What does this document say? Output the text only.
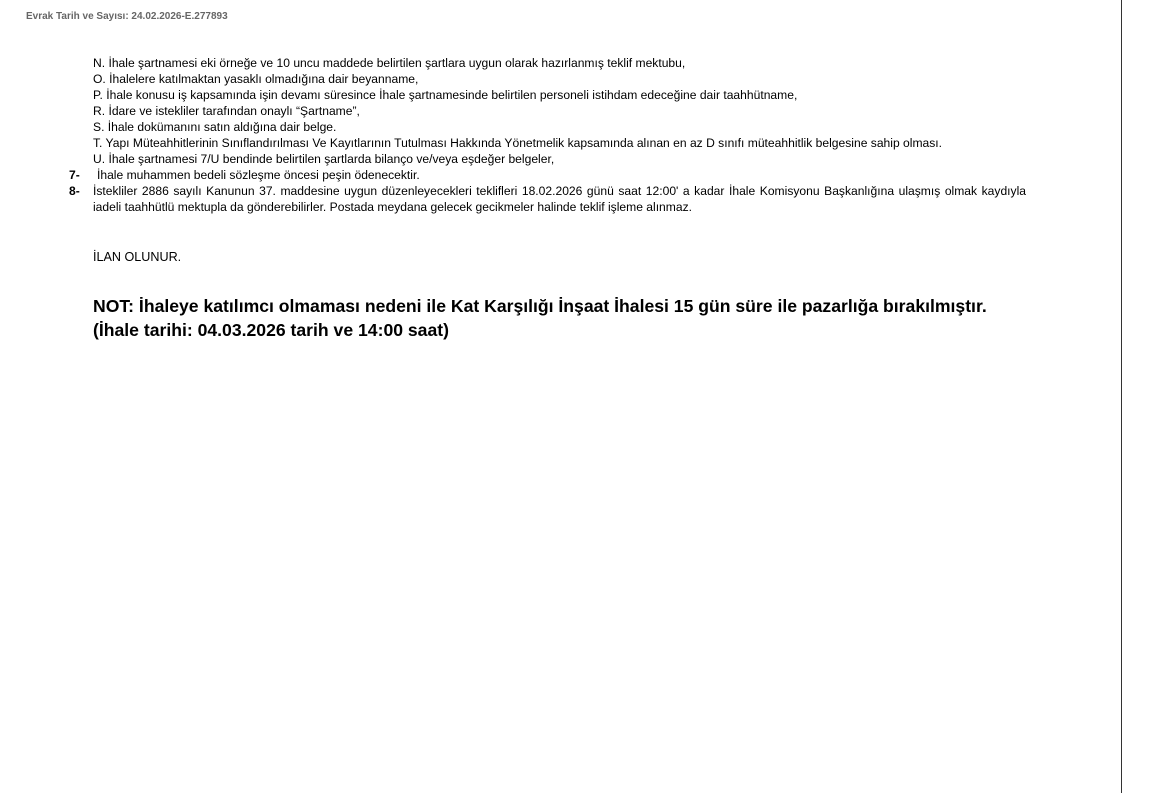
Evrak Tarih ve Sayısı: 24.02.2026-E.277893
N. İhale şartnamesi eki örneğe ve 10 uncu maddede belirtilen şartlara uygun olarak hazırlanmış teklif mektubu,
O. İhalelere katılmaktan yasaklı olmadığına dair beyanname,
P. İhale konusu iş kapsamında işin devamı süresince İhale şartnamesinde belirtilen personeli istihdam edeceğine dair taahhütname,
R. İdare ve istekliler tarafından onaylı “Şartname”,
S. İhale dokümanını satın aldığına dair belge.
T. Yapı Müteahhitlerinin Sınıflandırılması Ve Kayıtlarının Tutulması Hakkında Yönetmelik kapsamında alınan en az D sınıfı müteahhitlik belgesine sahip olması.
U. İhale şartnamesi 7/U bendinde belirtilen şartlarda bilanço ve/veya eşdeğer belgeler,
7- İhale muhammen bedeli sözleşme öncesi peşin ödenecektir.
8- İstekliler 2886 sayılı Kanunun 37. maddesine uygun düzenleyecekleri teklifleri 18.02.2026 günü saat 12:00' a kadar İhale Komisyonu Başkanlığına ulaşmış olmak kaydıyla iadeli taahhütlü mektupla da gönderebilirler. Postada meydana gelecek gecikmeler halinde teklif işleme alınmaz.
İLAN OLUNUR.
NOT: İhaleye katılımcı olmaması nedeni ile Kat Karşılığı İnşaat İhalesi 15 gün süre ile pazarlığa bırakılmıştır.
(İhale tarihi: 04.03.2026 tarih ve 14:00 saat)
